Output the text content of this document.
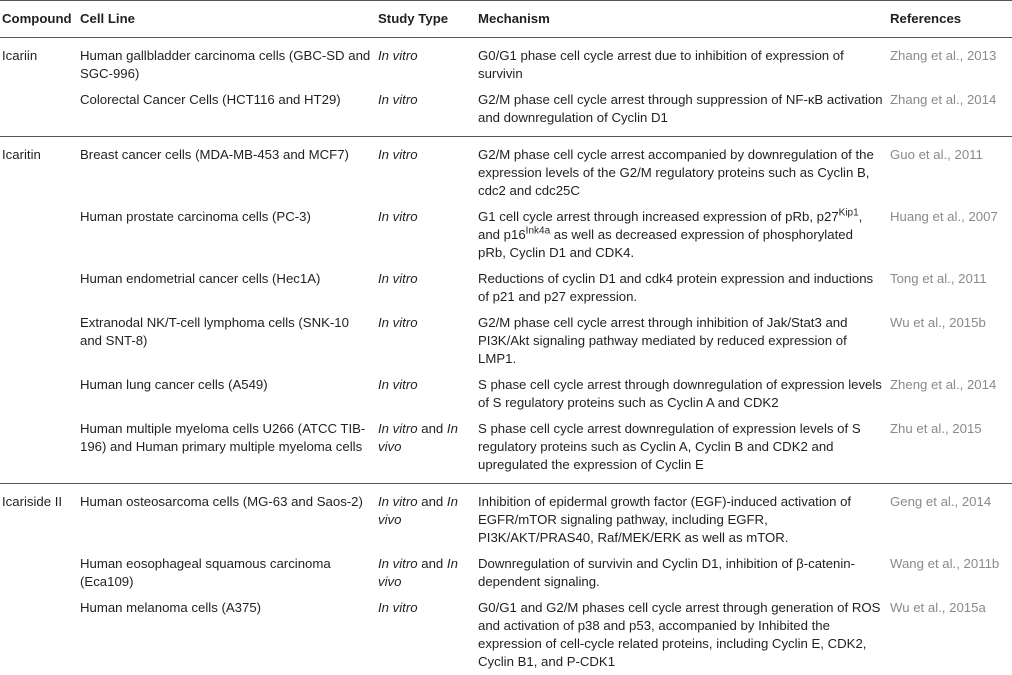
Compound	Cell Line	Study Type	Mechanism	References
Icariin	Human gallbladder carcinoma cells (GBC-SD and SGC-996)	In vitro	G0/G1 phase cell cycle arrest due to inhibition of expression of survivin	Zhang et al., 2013
	Colorectal Cancer Cells (HCT116 and HT29)	In vitro	G2/M phase cell cycle arrest through suppression of NF-κB activation and downregulation of Cyclin D1	Zhang et al., 2014
Icaritin	Breast cancer cells (MDA-MB-453 and MCF7)	In vitro	G2/M phase cell cycle arrest accompanied by downregulation of the expression levels of the G2/M regulatory proteins such as Cyclin B, cdc2 and cdc25C	Guo et al., 2011
	Human prostate carcinoma cells (PC-3)	In vitro	G1 cell cycle arrest through increased expression of pRb, $p27^{Kip1}$, and $p16^{Ink4a}$ as well as decreased expression of phosphorylated pRb, Cyclin D1 and CDK4.	Huang et al., 2007
	Human endometrial cancer cells (Hec1A)	In vitro	Reductions of cyclin D1 and cdk4 protein expression and inductions of p21 and p27 expression.	Tong et al., 2011
	Extranodal NK/T-cell lymphoma cells (SNK-10 and SNT-8)	In vitro	G2/M phase cell cycle arrest through inhibition of Jak/Stat3 and PI3K/Akt signaling pathway mediated by reduced expression of LMP1.	Wu et al., 2015b
	Human lung cancer cells (A549)	In vitro	S phase cell cycle arrest through downregulation of expression levels of S regulatory proteins such as Cyclin A and CDK2	Zheng et al., 2014
	Human multiple myeloma cells U266 (ATCC TIB-196) and Human primary multiple myeloma cells	In vitro and In vivo	S phase cell cycle arrest downregulation of expression levels of S regulatory proteins such as Cyclin A, Cyclin B and CDK2 and upregulated the expression of Cyclin E	Zhu et al., 2015
Icariside II	Human osteosarcoma cells (MG-63 and Saos-2)	In vitro and In vivo	Inhibition of epidermal growth factor (EGF)-induced activation of EGFR/mTOR signaling pathway, including EGFR, PI3K/AKT/PRAS40, Raf/MEK/ERK as well as mTOR.	Geng et al., 2014
	Human eosophageal squamous carcinoma (Eca109)	In vitro and In vivo	Downregulation of survivin and Cyclin D1, inhibition of β-catenin-dependent signaling.	Wang et al., 2011b
	Human melanoma cells (A375)	In vitro	G0/G1 and G2/M phases cell cycle arrest through generation of ROS and activation of p38 and p53, accompanied by Inhibited the expression of cell-cycle related proteins, including Cyclin E, CDK2, Cyclin B1, and P-CDK1	Wu et al., 2015a
